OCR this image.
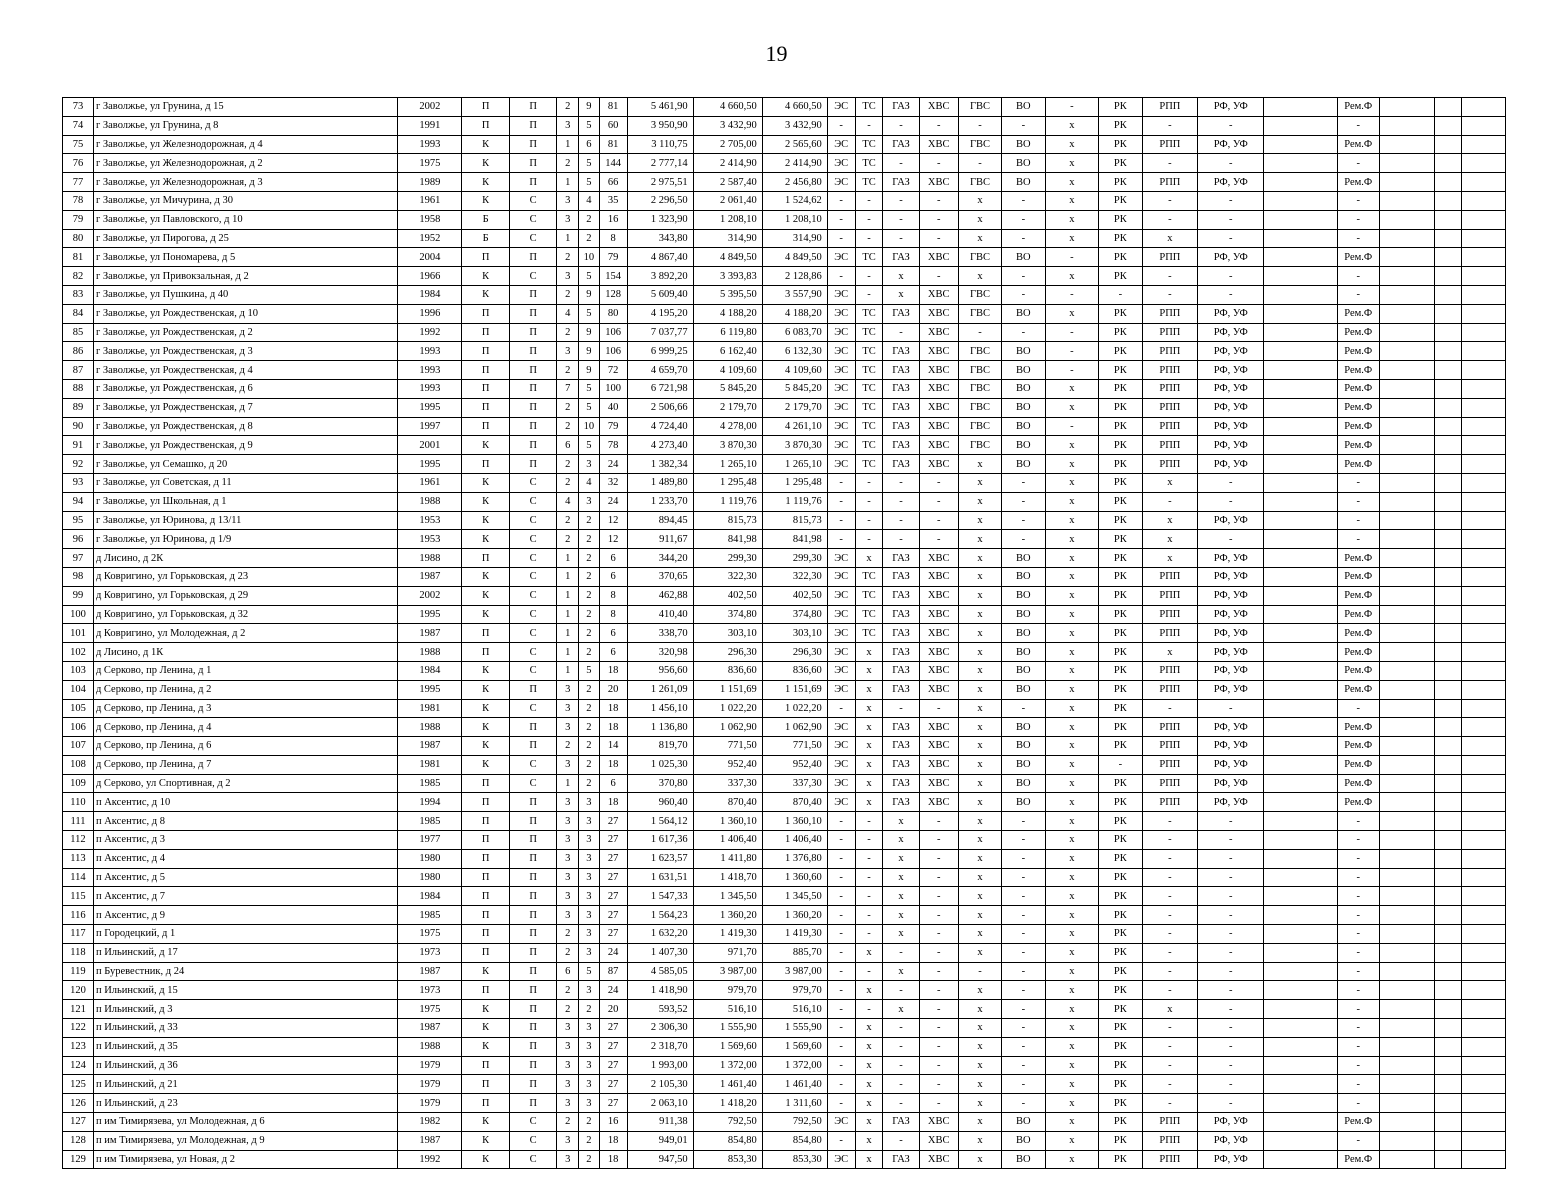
19
73	г Заволжье, ул Грунина, д 15	2002	П	П	2	9	81	5 461,90	4 660,50	4 660,50	ЭС	ТС	ГАЗ	ХВС	ГВС	ВО	-	РК	РПП	РФ, УФ		Рем.Ф			
74	г Заволжье, ул Грунина, д 8	1991	П	П	3	5	60	3 950,90	3 432,90	3 432,90	-	-	-	-	-	-	x	РК	-	-		-			
75	г Заволжье, ул Железнодорожная, д 4	1993	К	П	1	6	81	3 110,75	2 705,00	2 565,60	ЭС	ТС	ГАЗ	ХВС	ГВС	ВО	x	РК	РПП	РФ, УФ		Рем.Ф			
76	г Заволжье, ул Железнодорожная, д 2	1975	К	П	2	5	144	2 777,14	2 414,90	2 414,90	ЭС	ТС	-	-	-	ВО	x	РК	-	-		-			
77	г Заволжье, ул Железнодорожная, д 3	1989	К	П	1	5	66	2 975,51	2 587,40	2 456,80	ЭС	ТС	ГАЗ	ХВС	ГВС	ВО	x	РК	РПП	РФ, УФ		Рем.Ф			
78	г Заволжье, ул Мичурина, д 30	1961	К	С	3	4	35	2 296,50	2 061,40	1 524,62	-	-	-	-	x	-	x	РК	-	-		-			
79	г Заволжье, ул Павловского, д 10	1958	Б	С	3	2	16	1 323,90	1 208,10	1 208,10	-	-	-	-	x	-	x	РК	-	-		-			
80	г Заволжье, ул Пирогова, д 25	1952	Б	С	1	2	8	343,80	314,90	314,90	-	-	-	-	x	-	x	РК	x	-		-			
81	г Заволжье, ул Пономарева, д 5	2004	П	П	2	10	79	4 867,40	4 849,50	4 849,50	ЭС	ТС	ГАЗ	ХВС	ГВС	ВО	-	РК	РПП	РФ, УФ		Рем.Ф			
82	г Заволжье, ул Привокзальная, д 2	1966	К	С	3	5	154	3 892,20	3 393,83	2 128,86	-	-	x	-	x	-	x	РК	-	-		-			
83	г Заволжье, ул Пушкина, д 40	1984	К	П	2	9	128	5 609,40	5 395,50	3 557,90	ЭС	-	x	ХВС	ГВС	-	-	-	-	-		-			
84	г Заволжье, ул Рождественская, д 10	1996	П	П	4	5	80	4 195,20	4 188,20	4 188,20	ЭС	ТС	ГАЗ	ХВС	ГВС	ВО	x	РК	РПП	РФ, УФ		Рем.Ф			
85	г Заволжье, ул Рождественская, д 2	1992	П	П	2	9	106	7 037,77	6 119,80	6 083,70	ЭС	ТС	-	ХВС	-	-	-	РК	РПП	РФ, УФ		Рем.Ф			
86	г Заволжье, ул Рождественская, д 3	1993	П	П	3	9	106	6 999,25	6 162,40	6 132,30	ЭС	ТС	ГАЗ	ХВС	ГВС	ВО	-	РК	РПП	РФ, УФ		Рем.Ф			
87	г Заволжье, ул Рождественская, д 4	1993	П	П	2	9	72	4 659,70	4 109,60	4 109,60	ЭС	ТС	ГАЗ	ХВС	ГВС	ВО	-	РК	РПП	РФ, УФ		Рем.Ф			
88	г Заволжье, ул Рождественская, д 6	1993	П	П	7	5	100	6 721,98	5 845,20	5 845,20	ЭС	ТС	ГАЗ	ХВС	ГВС	ВО	x	РК	РПП	РФ, УФ		Рем.Ф			
89	г Заволжье, ул Рождественская, д 7	1995	П	П	2	5	40	2 506,66	2 179,70	2 179,70	ЭС	ТС	ГАЗ	ХВС	ГВС	ВО	x	РК	РПП	РФ, УФ		Рем.Ф			
90	г Заволжье, ул Рождественская, д 8	1997	П	П	2	10	79	4 724,40	4 278,00	4 261,10	ЭС	ТС	ГАЗ	ХВС	ГВС	ВО	-	РК	РПП	РФ, УФ		Рем.Ф			
91	г Заволжье, ул Рождественская, д 9	2001	К	П	6	5	78	4 273,40	3 870,30	3 870,30	ЭС	ТС	ГАЗ	ХВС	ГВС	ВО	x	РК	РПП	РФ, УФ		Рем.Ф			
92	г Заволжье, ул Семашко, д 20	1995	П	П	2	3	24	1 382,34	1 265,10	1 265,10	ЭС	ТС	ГАЗ	ХВС	x	ВО	x	РК	РПП	РФ, УФ		Рем.Ф			
93	г Заволжье, ул Советская, д 11	1961	К	С	2	4	32	1 489,80	1 295,48	1 295,48	-	-	-	-	x	-	x	РК	x	-		-			
94	г Заволжье, ул Школьная, д 1	1988	К	С	4	3	24	1 233,70	1 119,76	1 119,76	-	-	-	-	x	-	x	РК	-	-		-			
95	г Заволжье, ул Юринова, д 13/11	1953	К	С	2	2	12	894,45	815,73	815,73	-	-	-	-	x	-	x	РК	x	РФ, УФ		-			
96	г Заволжье, ул Юринова, д 1/9	1953	К	С	2	2	12	911,67	841,98	841,98	-	-	-	-	x	-	x	РК	x	-		-			
97	д Лисино, д 2К	1988	П	С	1	2	6	344,20	299,30	299,30	ЭС	x	ГАЗ	ХВС	x	ВО	x	РК	x	РФ, УФ		Рем.Ф			
98	д Ковригино, ул Горьковская, д 23	1987	К	С	1	2	6	370,65	322,30	322,30	ЭС	ТС	ГАЗ	ХВС	x	ВО	x	РК	РПП	РФ, УФ		Рем.Ф			
99	д Ковригино, ул Горьковская, д 29	2002	К	С	1	2	8	462,88	402,50	402,50	ЭС	ТС	ГАЗ	ХВС	x	ВО	x	РК	РПП	РФ, УФ		Рем.Ф			
100	д Ковригино, ул Горьковская, д 32	1995	К	С	1	2	8	410,40	374,80	374,80	ЭС	ТС	ГАЗ	ХВС	x	ВО	x	РК	РПП	РФ, УФ		Рем.Ф			
101	д Ковригино, ул Молодежная, д 2	1987	П	С	1	2	6	338,70	303,10	303,10	ЭС	ТС	ГАЗ	ХВС	x	ВО	x	РК	РПП	РФ, УФ		Рем.Ф			
102	д Лисино, д 1К	1988	П	С	1	2	6	320,98	296,30	296,30	ЭС	x	ГАЗ	ХВС	x	ВО	x	РК	x	РФ, УФ		Рем.Ф			
103	д Серково, пр Ленина, д 1	1984	К	С	1	5	18	956,60	836,60	836,60	ЭС	x	ГАЗ	ХВС	x	ВО	x	РК	РПП	РФ, УФ		Рем.Ф			
104	д Серково, пр Ленина, д 2	1995	К	П	3	2	20	1 261,09	1 151,69	1 151,69	ЭС	x	ГАЗ	ХВС	x	ВО	x	РК	РПП	РФ, УФ		Рем.Ф			
105	д Серково, пр Ленина, д 3	1981	К	С	3	2	18	1 456,10	1 022,20	1 022,20	-	x	-	-	x	-	x	РК	-	-		-			
106	д Серково, пр Ленина, д 4	1988	К	П	3	2	18	1 136,80	1 062,90	1 062,90	ЭС	x	ГАЗ	ХВС	x	ВО	x	РК	РПП	РФ, УФ		Рем.Ф			
107	д Серково, пр Ленина, д 6	1987	К	П	2	2	14	819,70	771,50	771,50	ЭС	x	ГАЗ	ХВС	x	ВО	x	РК	РПП	РФ, УФ		Рем.Ф			
108	д Серково, пр Ленина, д 7	1981	К	С	3	2	18	1 025,30	952,40	952,40	ЭС	x	ГАЗ	ХВС	x	ВО	x	-	РПП	РФ, УФ		Рем.Ф			
109	д Серково, ул Спортивная, д 2	1985	П	С	1	2	6	370,80	337,30	337,30	ЭС	x	ГАЗ	ХВС	x	ВО	x	РК	РПП	РФ, УФ		Рем.Ф			
110	п Аксентис, д 10	1994	П	П	3	3	18	960,40	870,40	870,40	ЭС	x	ГАЗ	ХВС	x	ВО	x	РК	РПП	РФ, УФ		Рем.Ф			
111	п Аксентис, д 8	1985	П	П	3	3	27	1 564,12	1 360,10	1 360,10	-	-	x	-	x	-	x	РК	-	-		-			
112	п Аксентис, д 3	1977	П	П	3	3	27	1 617,36	1 406,40	1 406,40	-	-	x	-	x	-	x	РК	-	-		-			
113	п Аксентис, д 4	1980	П	П	3	3	27	1 623,57	1 411,80	1 376,80	-	-	x	-	x	-	x	РК	-	-		-			
114	п Аксентис, д 5	1980	П	П	3	3	27	1 631,51	1 418,70	1 360,60	-	-	x	-	x	-	x	РК	-	-		-			
115	п Аксентис, д 7	1984	П	П	3	3	27	1 547,33	1 345,50	1 345,50	-	-	x	-	x	-	x	РК	-	-		-			
116	п Аксентис, д 9	1985	П	П	3	3	27	1 564,23	1 360,20	1 360,20	-	-	x	-	x	-	x	РК	-	-		-			
117	п Городецкий, д 1	1975	П	П	2	3	27	1 632,20	1 419,30	1 419,30	-	-	x	-	x	-	x	РК	-	-		-			
118	п Ильинский, д 17	1973	П	П	2	3	24	1 407,30	971,70	885,70	-	x	-	-	x	-	x	РК	-	-		-			
119	п Буревестник, д 24	1987	К	П	6	5	87	4 585,05	3 987,00	3 987,00	-	-	x	-	-	-	x	РК	-	-		-			
120	п Ильинский, д 15	1973	П	П	2	3	24	1 418,90	979,70	979,70	-	x	-	-	x	-	x	РК	-	-		-			
121	п Ильинский, д 3	1975	К	П	2	2	20	593,52	516,10	516,10	-	-	x	-	x	-	x	РК	x	-		-			
122	п Ильинский, д 33	1987	К	П	3	3	27	2 306,30	1 555,90	1 555,90	-	x	-	-	x	-	x	РК	-	-		-			
123	п Ильинский, д 35	1988	К	П	3	3	27	2 318,70	1 569,60	1 569,60	-	x	-	-	x	-	x	РК	-	-		-			
124	п Ильинский, д 36	1979	П	П	3	3	27	1 993,00	1 372,00	1 372,00	-	x	-	-	x	-	x	РК	-	-		-			
125	п Ильинский, д 21	1979	П	П	3	3	27	2 105,30	1 461,40	1 461,40	-	x	-	-	x	-	x	РК	-	-		-			
126	п Ильинский, д 23	1979	П	П	3	3	27	2 063,10	1 418,20	1 311,60	-	x	-	-	x	-	x	РК	-	-		-			
127	п им Тимирязева, ул Молодежная, д 6	1982	К	С	2	2	16	911,38	792,50	792,50	ЭС	x	ГАЗ	ХВС	x	ВО	x	РК	РПП	РФ, УФ		Рем.Ф			
128	п им Тимирязева, ул Молодежная, д 9	1987	К	С	3	2	18	949,01	854,80	854,80	-	x	-	ХВС	x	ВО	x	РК	РПП	РФ, УФ		-			
129	п им Тимирязева, ул Новая, д 2	1992	К	С	3	2	18	947,50	853,30	853,30	ЭС	x	ГАЗ	ХВС	x	ВО	x	РК	РПП	РФ, УФ		Рем.Ф			
